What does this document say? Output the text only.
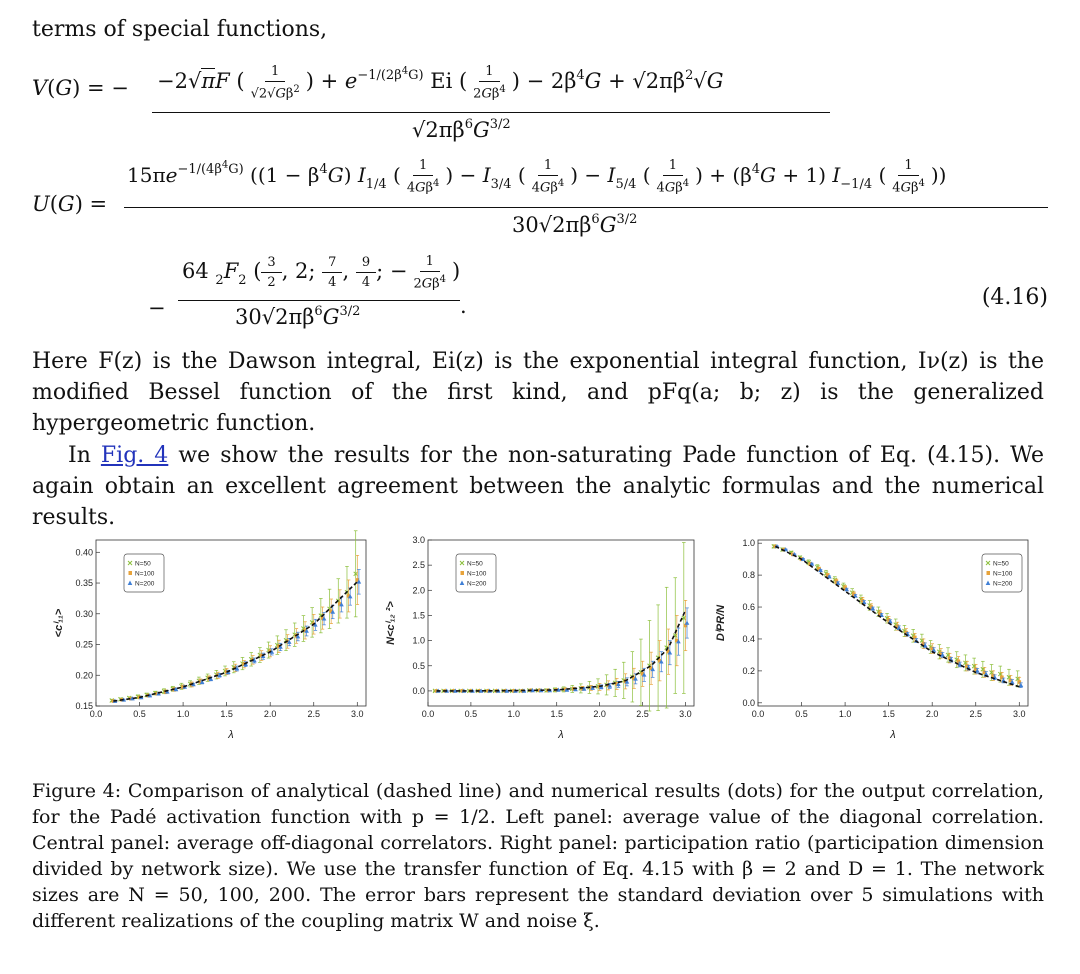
terms of special functions,
V(G) = − −2√πF ( $\frac{1}{√2√G\beta^2}$ ) + $e^{-1/(2\beta^4G)}$ Ei ( $\frac{1}{2G\beta^4}$ ) − $2\beta^4G + √2\pi\beta^2√G$
$√2\pi\beta^6G^{3/2}$
U(G) =
$15\pi e^{-1/(4\beta^4G)}$ ($(1 - \beta^4G)$ $I_{1/4}$ ( $\frac{1}{4G\beta^4}$ ) − $I_{3/4}$ ( $\frac{1}{4G\beta^4}$ ) − $I_{5/4}$ ( $\frac{1}{4G\beta^4}$ ) + $(\beta^4G + 1)$ $I_{-1/4}$ ( $\frac{1}{4G\beta^4}$ ))
$30√2\pi\beta^6G^{3/2}$
−
64 $_2F_2$ ( $\frac{3}{2}$ , 2; $\frac{7}{4}$ , $\frac{9}{4}$ ; − $\frac{1}{2G\beta^4}$ )
$30√2\pi\beta^6G^{3/2}$	.	(4.16)
Here F(z) is the Dawson integral, Ei(z) is the exponential integral function, Iν(z) is the modified Bessel function of the first kind, and pFq(a; b; z) is the generalized hypergeometric function.
In Fig. 4 we show the results for the non-saturating Pade function of Eq. (4.15). We again obtain an excellent agreement between the analytic formulas and the numerical results.
0.0	0.5	1.0	1.5	2.0	2.5	3.0
0.15
0.20
0.25
0.30
0.35
0.40
λ
<cⁱ₁₁>
N=50
N=100
N=200
0.0	0.5	1.0	1.5	2.0	2.5	3.0
0.0
0.5
1.0
1.5
2.0
2.5
3.0
λ
N<cⁱ₁₂ ²>
N=50
N=100
N=200
0.0	0.5	1.0	1.5	2.0	2.5	3.0
0.0
0.2
0.4
0.6
0.8
1.0
λ
DⁱPR/N
N=50
N=100
N=200
Figure 4: Comparison of analytical (dashed line) and numerical results (dots) for the output correlation, for the Padé activation function with p = 1/2. Left panel: average value of the diagonal correlation. Central panel: average off-diagonal correlators. Right panel: participation ratio (participation dimension divided by network size). We use the transfer function of Eq. 4.15 with β = 2 and D = 1. The network sizes are N = 50, 100, 200. The error bars represent the standard deviation over 5 simulations with different realizations of the coupling matrix W and noise ξ.
